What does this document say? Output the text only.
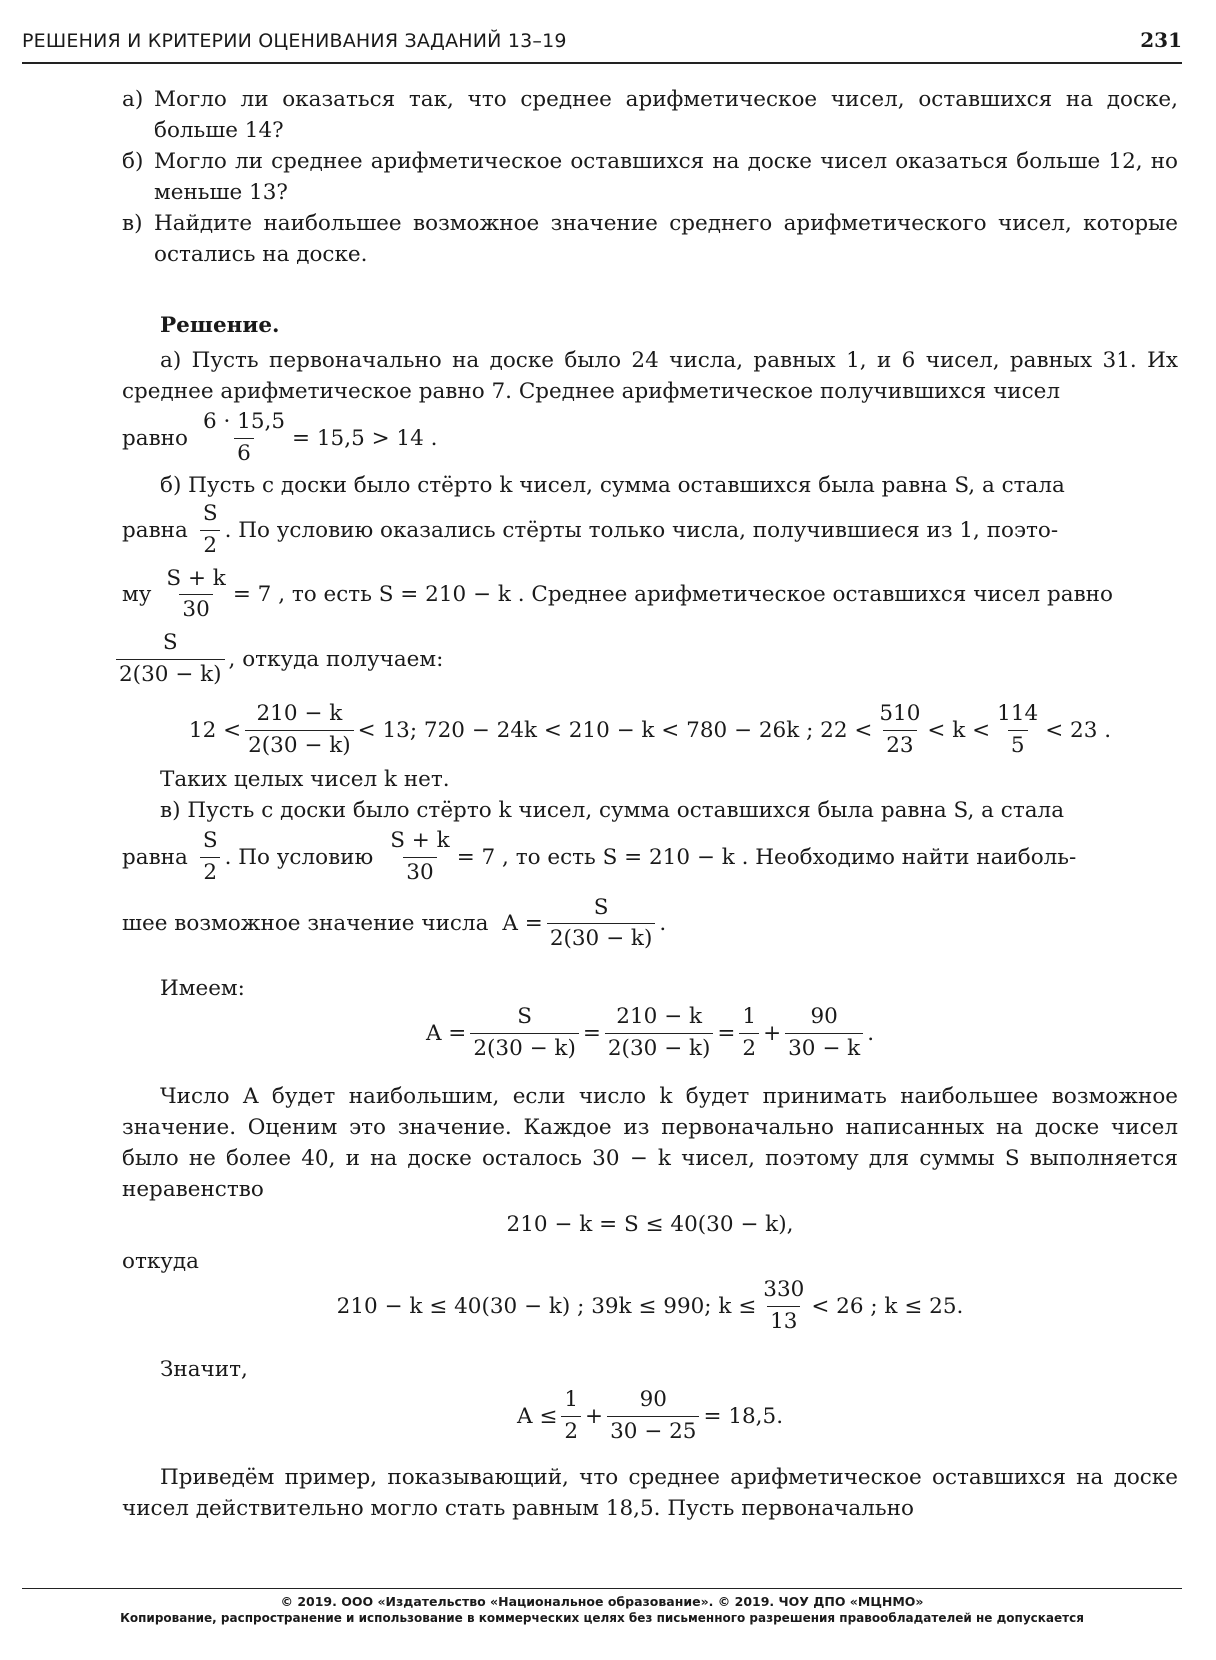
РЕШЕНИЯ И КРИТЕРИИ ОЦЕНИВАНИЯ ЗАДАНИЙ 13–19	231
а) Могло ли оказаться так, что среднее арифметическое чисел, оставшихся на доске, больше 14?
б) Могло ли среднее арифметическое оставшихся на доске чисел оказаться больше 12, но меньше 13?
в) Найдите наибольшее возможное значение среднего арифметического чисел, которые остались на доске.

Решение.

а) Пусть первоначально на доске было 24 числа, равных 1, и 6 чисел, равных 31. Их среднее арифметическое равно 7. Среднее арифметическое получившихся чисел

равно $\frac{6 \cdot 15,5}{6} = 15,5 > 14$ .

б) Пусть с доски было стёрто k чисел, сумма оставшихся была равна S, а стала

равна $\frac{S}{2}$ . По условию оказались стёрты только числа, получившиеся из 1, поэто-
му $\frac{S + k}{30} = 7$ , то есть S = 210 − k . Среднее арифметическое оставшихся чисел равно
$\frac{S}{2(30 - k)}$ , откуда получаем:
$12 < \frac{210 - k}{2(30 - k)} < 13$; 720 − 24k < 210 − k < 780 − 26k ; $22 < \frac{510}{23} < k < \frac{114}{5} < 23$ .

Таких целых чисел k нет.

в) Пусть с доски было стёрто k чисел, сумма оставшихся была равна S, а стала

равна $\frac{S}{2}$ . По условию $\frac{S + k}{30} = 7$ , то есть S = 210 − k . Необходимо найти наиболь-
шее возможное значение числа $A = \frac{S}{2(30 - k)}$ .

Имеем:

$A = \frac{S}{2(30 - k)} = \frac{210 - k}{2(30 - k)} = \frac{1}{2} + \frac{90}{30 - k}$ .

Число A будет наибольшим, если число k будет принимать наибольшее возможное значение. Оценим это значение. Каждое из первоначально написанных на доске чисел было не более 40, и на доске осталось 30 − k чисел, поэтому для суммы S выполняется неравенство

210 − k = S ≤ 40(30 − k),

откуда

210 − k ≤ 40(30 − k) ; 39k ≤ 990; $k \le \frac{330}{13} < 26$ ; k ≤ 25.

Значит,

$A \le \frac{1}{2} + \frac{90}{30 - 25} = 18,5$.

Приведём пример, показывающий, что среднее арифметическое оставшихся на доске чисел действительно могло стать равным 18,5. Пусть первоначально

© 2019. ООО «Издательство «Национальное образование». © 2019. ЧОУ ДПО «МЦНМО»
Копирование, распространение и использование в коммерческих целях без письменного разрешения правообладателей не допускается
